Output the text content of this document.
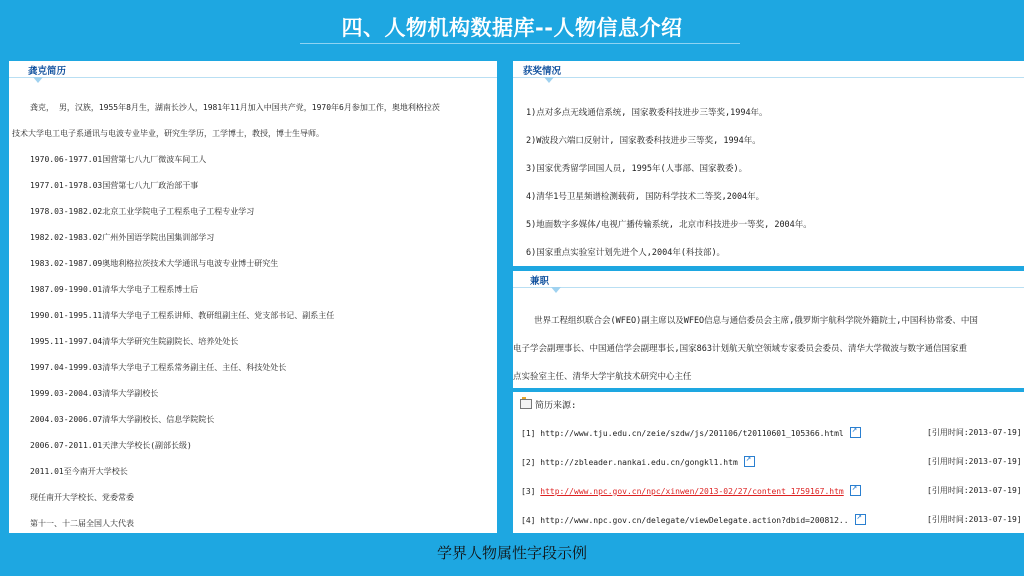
四、人物机构数据库--人物信息介绍
龚克简历
龚克， 男，汉族，1955年8月生，湖南长沙人，1981年11月加入中国共产党，1970年6月参加工作，奥地利格拉茨
技术大学电工电子系通讯与电波专业毕业，研究生学历，工学博士，教授，博士生导师。
1970.06-1977.01国营第七八九厂微波车间工人
1977.01-1978.03国营第七八九厂政治部干事
1978.03-1982.02北京工业学院电子工程系电子工程专业学习
1982.02-1983.02广州外国语学院出国集训部学习
1983.02-1987.09奥地利格拉茨技术大学通讯与电波专业博士研究生
1987.09-1990.01清华大学电子工程系博士后
1990.01-1995.11清华大学电子工程系讲师、教研组副主任、党支部书记、副系主任
1995.11-1997.04清华大学研究生院副院长、培养处处长
1997.04-1999.03清华大学电子工程系常务副主任、主任、科技处处长
1999.03-2004.03清华大学副校长
2004.03-2006.07清华大学副校长、信息学院院长
2006.07-2011.01天津大学校长(副部长级)
2011.01至今南开大学校长
现任南开大学校长、党委常委
第十一、十二届全国人大代表
获奖情况
1)点对多点无线通信系统, 国家教委科技进步三等奖,1994年。
2)W波段六端口反射计, 国家教委科技进步三等奖, 1994年。
3)国家优秀留学回国人员, 1995年(人事部、国家教委)。
4)清华1号卫星频谱检测载荷, 国防科学技术二等奖,2004年。
5)地面数字多媒体/电视广播传输系统, 北京市科技进步一等奖, 2004年。
6)国家重点实验室计划先进个人,2004年(科技部)。
兼职
世界工程组织联合会(WFEO)副主席以及WFEO信息与通信委员会主席,俄罗斯宇航科学院外籍院士,中国科协常委、中国
电子学会副理事长、中国通信学会副理事长,国家863计划航天航空领域专家委员会委员、清华大学微波与数字通信国家重
点实验室主任、清华大学宇航技术研究中心主任
简历来源:
[1] http://www.tju.edu.cn/zeie/szdw/js/201106/t20110601_105366.html ↗	[引用时间:2013-07-19]
[2] http://zbleader.nankai.edu.cn/gongkl1.htm ↗	[引用时间:2013-07-19]
[3] http://www.npc.gov.cn/npc/xinwen/2013-02/27/content_1759167.htm ↗	[引用时间:2013-07-19]
[4] http://www.npc.gov.cn/delegate/viewDelegate.action?dbid=200812.. ↗	[引用时间:2013-07-19]
学界人物属性字段示例
